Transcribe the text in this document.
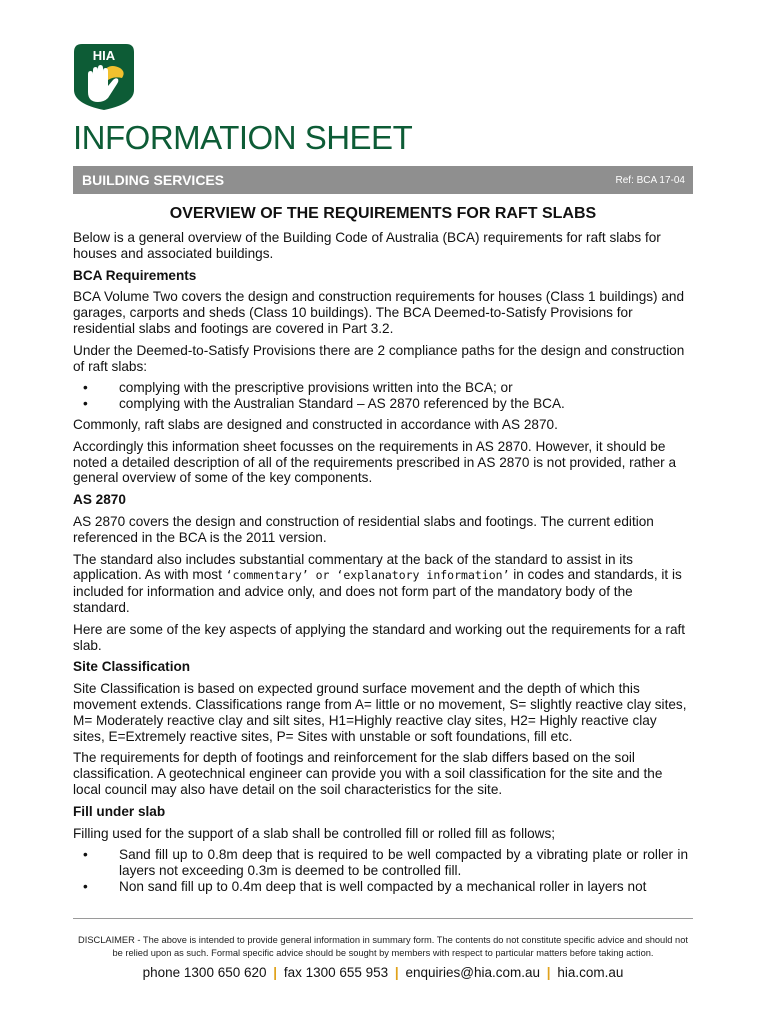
HIA
INFORMATION SHEET
BUILDING SERVICES	Ref: BCA 17-04
OVERVIEW OF THE REQUIREMENTS FOR RAFT SLABS

Below is a general overview of the Building Code of Australia (BCA) requirements for raft slabs for houses and associated buildings.

BCA Requirements

BCA Volume Two covers the design and construction requirements for houses (Class 1 buildings) and garages, carports and sheds (Class 10 buildings). The BCA Deemed-to-Satisfy Provisions for residential slabs and footings are covered in Part 3.2.

Under the Deemed-to-Satisfy Provisions there are 2 compliance paths for the design and construction of raft slabs:

• complying with the prescriptive provisions written into the BCA; or
• complying with the Australian Standard – AS 2870 referenced by the BCA.

Commonly, raft slabs are designed and constructed in accordance with AS 2870.

Accordingly this information sheet focusses on the requirements in AS 2870. However, it should be noted a detailed description of all of the requirements prescribed in AS 2870 is not provided, rather a general overview of some of the key components.

AS 2870

AS 2870 covers the design and construction of residential slabs and footings. The current edition referenced in the BCA is the 2011 version.

The standard also includes substantial commentary at the back of the standard to assist in its application. As with most ‘commentary’ or ‘explanatory information’ in codes and standards, it is included for information and advice only, and does not form part of the mandatory body of the standard.

Here are some of the key aspects of applying the standard and working out the requirements for a raft slab.

Site Classification

Site Classification is based on expected ground surface movement and the depth of which this movement extends. Classifications range from A= little or no movement, S= slightly reactive clay sites, M= Moderately reactive clay and silt sites, H1=Highly reactive clay sites, H2= Highly reactive clay sites, E=Extremely reactive sites, P= Sites with unstable or soft foundations, fill etc.

The requirements for depth of footings and reinforcement for the slab differs based on the soil classification. A geotechnical engineer can provide you with a soil classification for the site and the local council may also have detail on the soil characteristics for the site.

Fill under slab

Filling used for the support of a slab shall be controlled fill or rolled fill as follows;

• Sand fill up to 0.8m deep that is required to be well compacted by a vibrating plate or roller in layers not exceeding 0.3m is deemed to be controlled fill.
• Non sand fill up to 0.4m deep that is well compacted by a mechanical roller in layers not

DISCLAIMER - The above is intended to provide general information in summary form. The contents do not constitute specific advice and should not be relied upon as such. Formal specific advice should be sought by members with respect to particular matters before taking action.

phone 1300 650 620 | fax 1300 655 953 | enquiries@hia.com.au | hia.com.au
